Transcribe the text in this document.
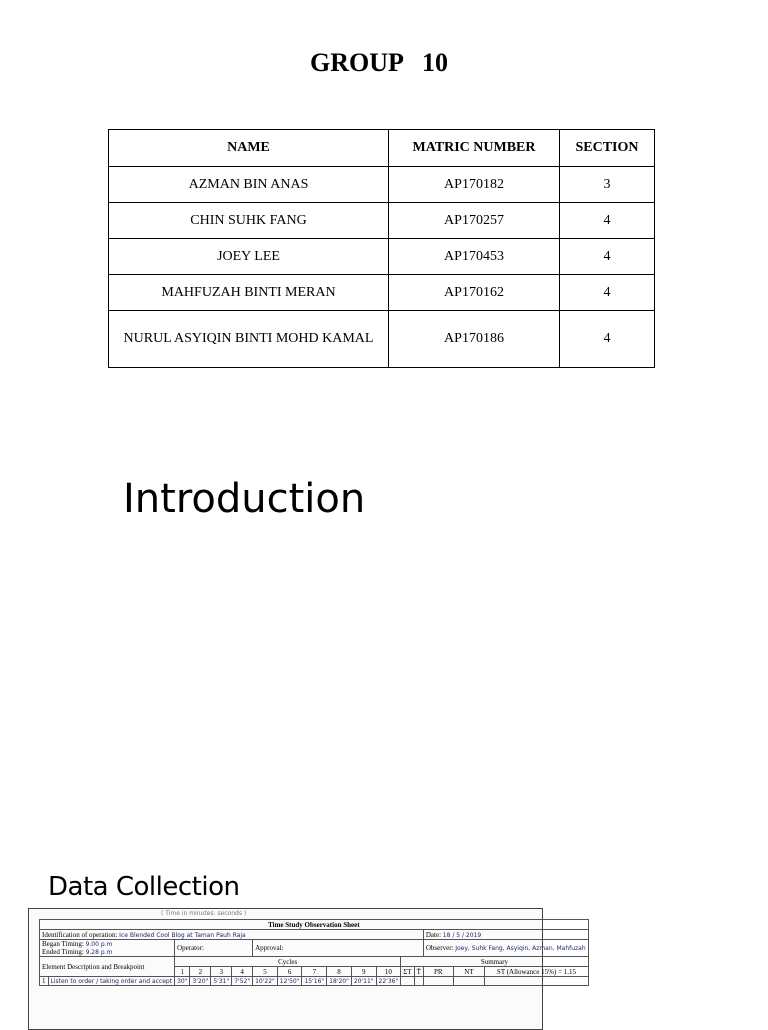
GROUP   10
NAME	MATRIC NUMBER	SECTION
AZMAN BIN ANAS	AP170182	3
CHIN SUHK FANG	AP170257	4
JOEY LEE	AP170453	4
MAHFUZAH BINTI MERAN	AP170162	4
NURUL ASYIQIN BINTI MOHD KAMAL	AP170186	4
Introduction
Data Collection
( Time in minutes: seconds )
Time Study Observation Sheet																
Identification of operation: Ice Blended Cool Blog at Taman Pauh Raja														Date: 18 / 5 / 2019		
Began Timing: 9.00 p.m
Ended Timing: 9.28 p.m		Operator:				Approval:								Observer: Joey, Suhk Fang, Asyiqin, Azman, Mahfuzah		
Element Description and Breakpoint		Cycles										Summary				
		1	2	3	4	5	6	7	8	9	10	ΣT	T̄	PR	NT	ST (Allowance 15%) = 1.15
1	Listen to order / taking order and accept	30"	3'20"	5'31"	7'52"	10'22"	12'50"	15'16"	18'20"	20'11"	22'36"					
